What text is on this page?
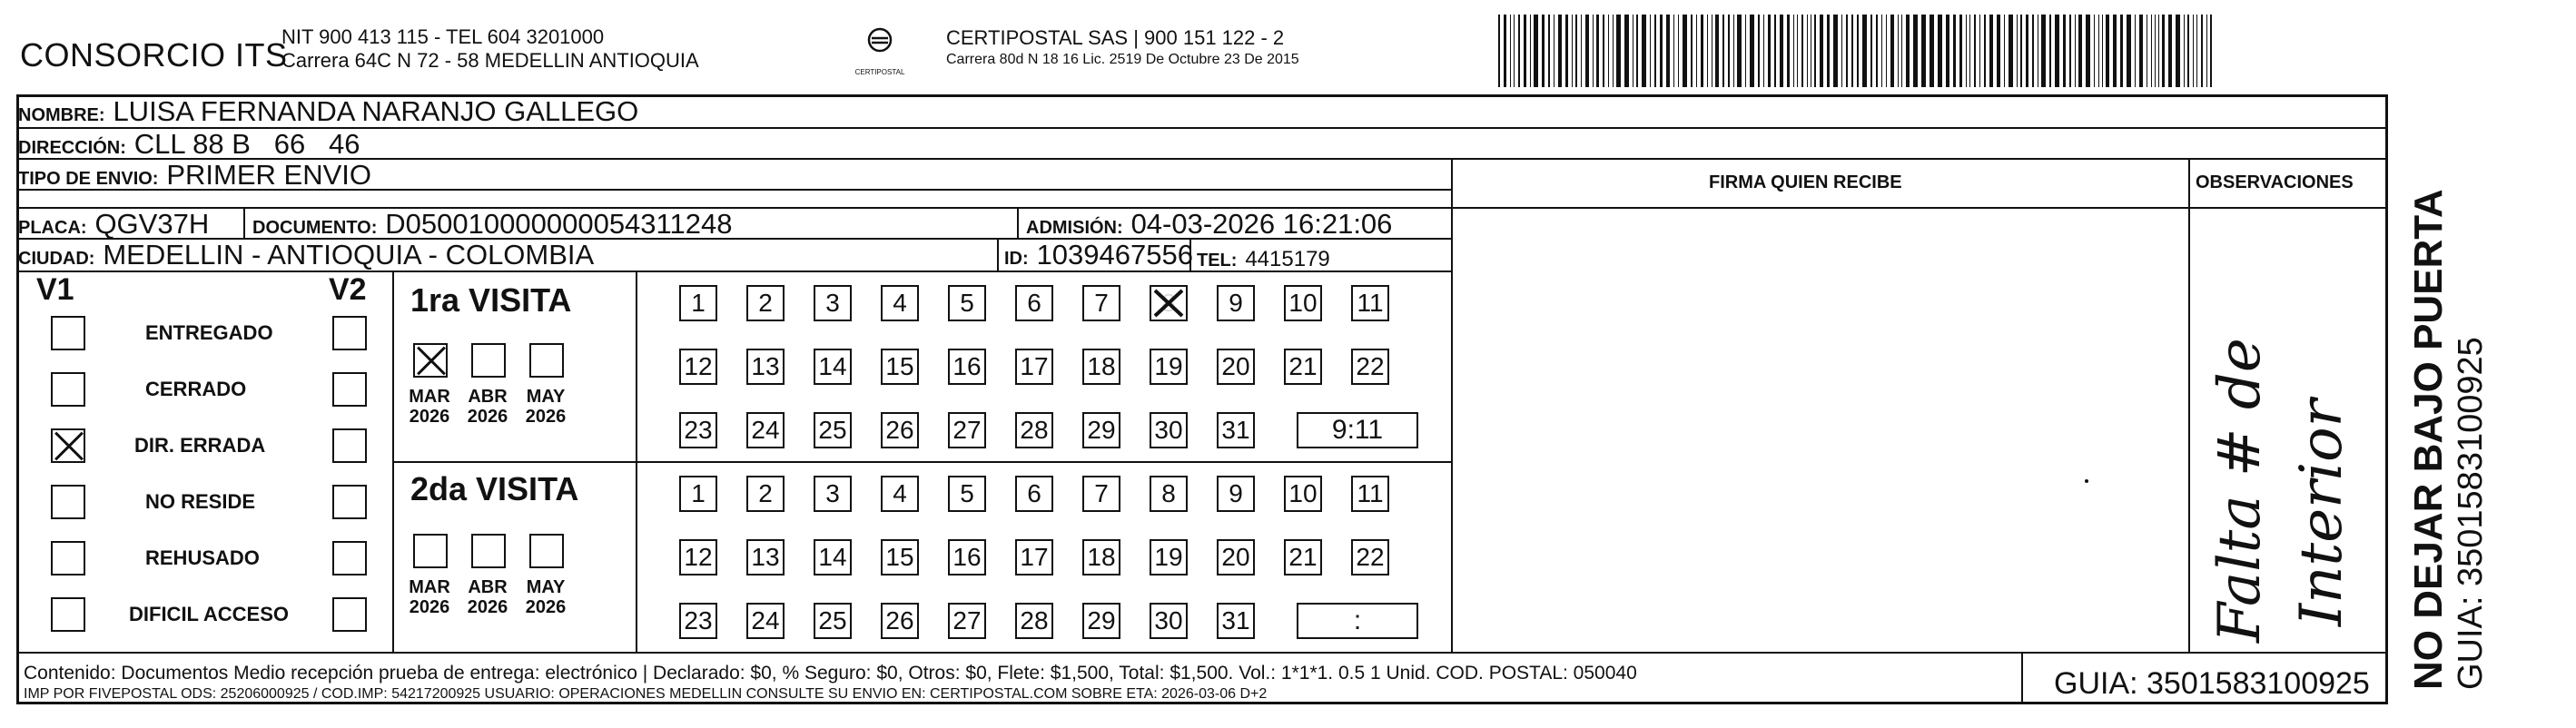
CONSORCIO ITS
NIT 900 413 115 - TEL 604 3201000
Carrera 64C N 72 - 58 MEDELLIN ANTIOQUIA
CERTIPOSTAL
CERTIPOSTAL SAS | 900 151 122 - 2
Carrera 80d N 18 16 Lic. 2519 De Octubre 23 De 2015
NOMBRE: LUISA FERNANDA NARANJO GALLEGO
DIRECCIÓN: CLL 88 B   66   46
TIPO DE ENVIO: PRIMER ENVIO
PLACA: QGV37H DOCUMENTO: D050010000000054311248	ADMISIÓN: 04-03-2026 16:21:06
CIUDAD: MEDELLIN - ANTIOQUIA - COLOMBIA	ID: 1039467556 TEL: 4415179
FIRMA QUIEN RECIBE	OBSERVACIONES
V1	V2
ENTREGADO
CERRADO
DIR. ERRADA
NO RESIDE
REHUSADO
DIFICIL ACCESO
1ra VISITA
2da VISITA
MAR
2026
ABR
2026
MAY
2026
1	2	3	4	5	6	7	8	9	10 11
12 13 14 15 16 17 18 19 20 21 22
23 24 25 26 27 28 29 30 31	9:11
MAR
2026
ABR
2026
MAY
2026
1	2	3	4	5	6	7	8	9	10 11
12 13 14 15 16 17 18 19 20 21 22
23 24 25 26 27 28 29 30 31	:	Falta # de Interior
Contenido: Documentos Medio recepción prueba de entrega: electrónico | Declarado: $0, % Seguro: $0, Otros: $0, Flete: $1,500, Total: $1,500. Vol.: 1*1*1. 0.5 1 Unid. COD. POSTAL: 050040
IMP POR FIVEPOSTAL ODS: 25206000925 / COD.IMP: 54217200925 USUARIO: OPERACIONES MEDELLIN CONSULTE SU ENVIO EN: CERTIPOSTAL.COM SOBRE ETA: 2026-03-06 D+2	GUIA: 3501583100925 NO DEJAR BAJO PUERTA GUIA: 3501583100925
